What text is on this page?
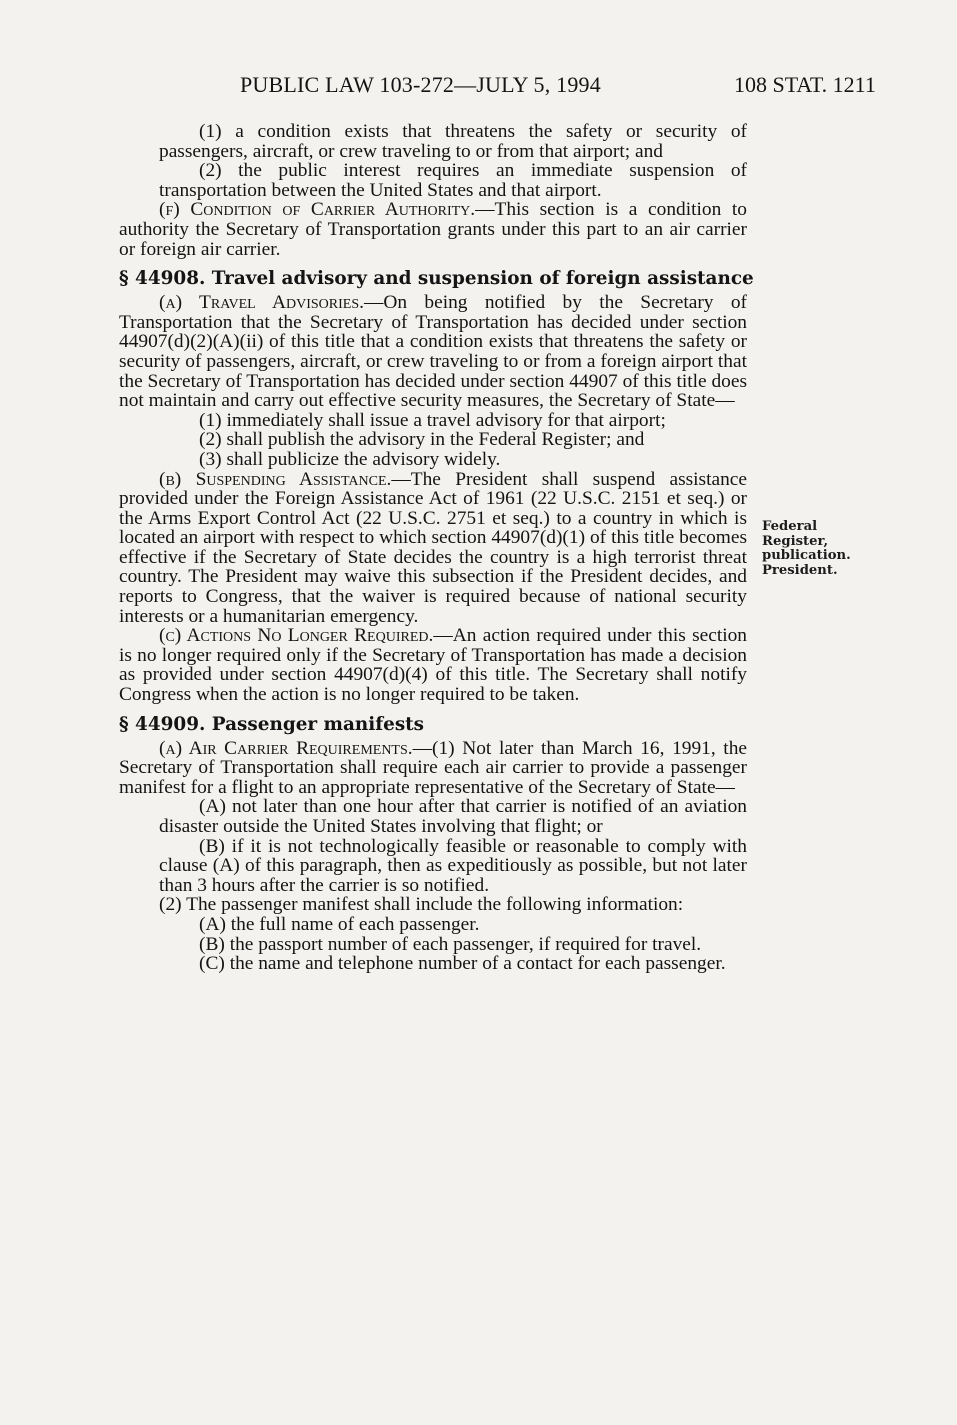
PUBLIC LAW 103-272—JULY 5, 1994	108 STAT. 1211

(1) a condition exists that threatens the safety or security of passengers, aircraft, or crew traveling to or from that airport; and

(2) the public interest requires an immediate suspension of transportation between the United States and that airport.

(f) Condition of Carrier Authority.—This section is a condition to authority the Secretary of Transportation grants under this part to an air carrier or foreign air carrier.

§ 44908. Travel advisory and suspension of foreign assistance

(a) Travel Advisories.—On being notified by the Secretary of Transportation that the Secretary of Transportation has decided under section 44907(d)(2)(A)(ii) of this title that a condition exists that threatens the safety or security of passengers, aircraft, or crew traveling to or from a foreign airport that the Secretary of Transportation has decided under section 44907 of this title does not maintain and carry out effective security measures, the Secretary of State—

(1) immediately shall issue a travel advisory for that airport;

(2) shall publish the advisory in the Federal Register; and

(3) shall publicize the advisory widely.

(b) Suspending Assistance.—The President shall suspend assistance provided under the Foreign Assistance Act of 1961 (22 U.S.C. 2151 et seq.) or the Arms Export Control Act (22 U.S.C. 2751 et seq.) to a country in which is located an airport with respect to which section 44907(d)(1) of this title becomes effective if the Secretary of State decides the country is a high terrorist threat country. The President may waive this subsection if the President decides, and reports to Congress, that the waiver is required because of national security interests or a humanitarian emergency.

(c) Actions No Longer Required.—An action required under this section is no longer required only if the Secretary of Transportation has made a decision as provided under section 44907(d)(4) of this title. The Secretary shall notify Congress when the action is no longer required to be taken.

§ 44909. Passenger manifests

(a) Air Carrier Requirements.—(1) Not later than March 16, 1991, the Secretary of Transportation shall require each air carrier to provide a passenger manifest for a flight to an appropriate representative of the Secretary of State—

(A) not later than one hour after that carrier is notified of an aviation disaster outside the United States involving that flight; or

(B) if it is not technologically feasible or reasonable to comply with clause (A) of this paragraph, then as expeditiously as possible, but not later than 3 hours after the carrier is so notified.

(2) The passenger manifest shall include the following information:

(A) the full name of each passenger.

(B) the passport number of each passenger, if required for travel.

(C) the name and telephone number of a contact for each passenger.

Federal
Register,
publication.
President.
